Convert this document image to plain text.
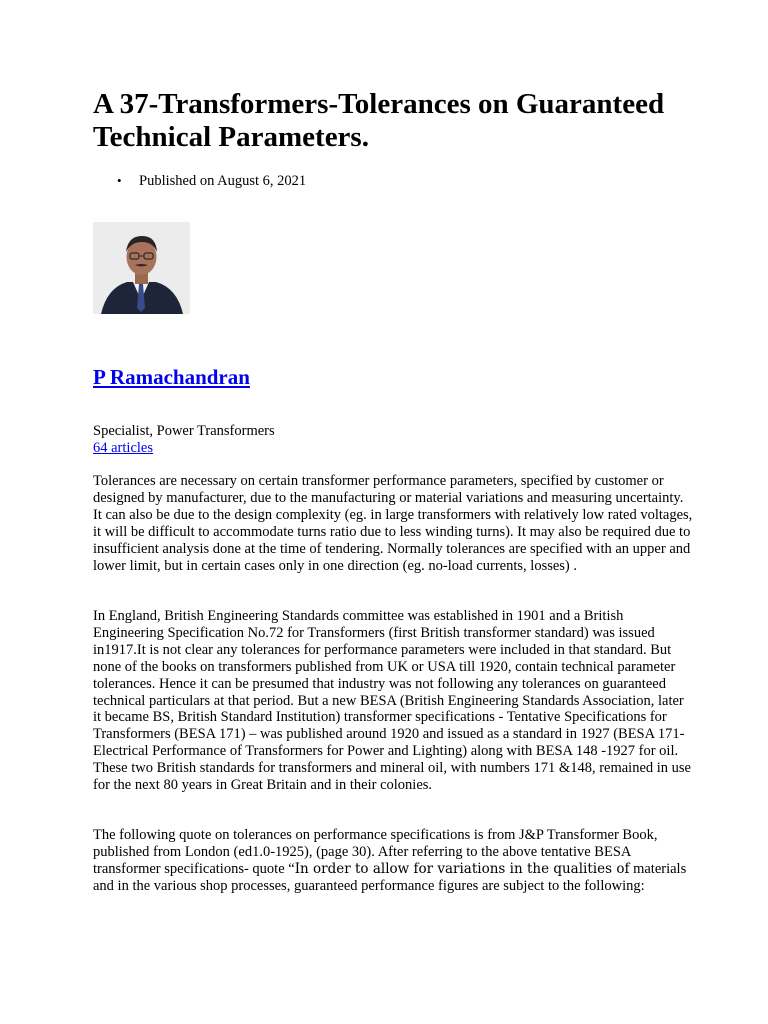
A 37-Transformers-Tolerances on Guaranteed Technical Parameters.
• Published on August 6, 2021
P Ramachandran
Specialist, Power Transformers
64 articles

Tolerances are necessary on certain transformer performance parameters, specified by customer or designed by manufacturer, due to the manufacturing or material variations and measuring uncertainty. It can also be due to the design complexity (eg. in large transformers with relatively low rated voltages, it will be difficult to accommodate turns ratio due to less winding turns). It may also be required due to insufficient analysis done at the time of tendering. Normally tolerances are specified with an upper and lower limit, but in certain cases only in one direction (eg. no-load currents, losses) .

In England, British Engineering Standards committee was established in 1901 and a British Engineering Specification No.72 for Transformers (first British transformer standard) was issued in1917.It is not clear any tolerances for performance parameters were included in that standard. But none of the books on transformers published from UK or USA till 1920, contain technical parameter tolerances. Hence it can be presumed that industry was not following any tolerances on guaranteed technical particulars at that period. But a new BESA (British Engineering Standards Association, later it became BS, British Standard Institution) transformer specifications - Tentative Specifications for Transformers (BESA 171) – was published around 1920 and issued as a standard in 1927 (BESA 171- Electrical Performance of Transformers for Power and Lighting) along with BESA 148 -1927 for oil. These two British standards for transformers and mineral oil, with numbers 171 &148, remained in use for the next 80 years in Great Britain and in their colonies.

The following quote on tolerances on performance specifications is from J&P Transformer Book, published from London (ed1.0-1925), (page 30). After referring to the above tentative BESA transformer specifications- quote “In order to allow for variations in the qualities of materials and in the various shop processes, guaranteed performance figures are subject to the following:
